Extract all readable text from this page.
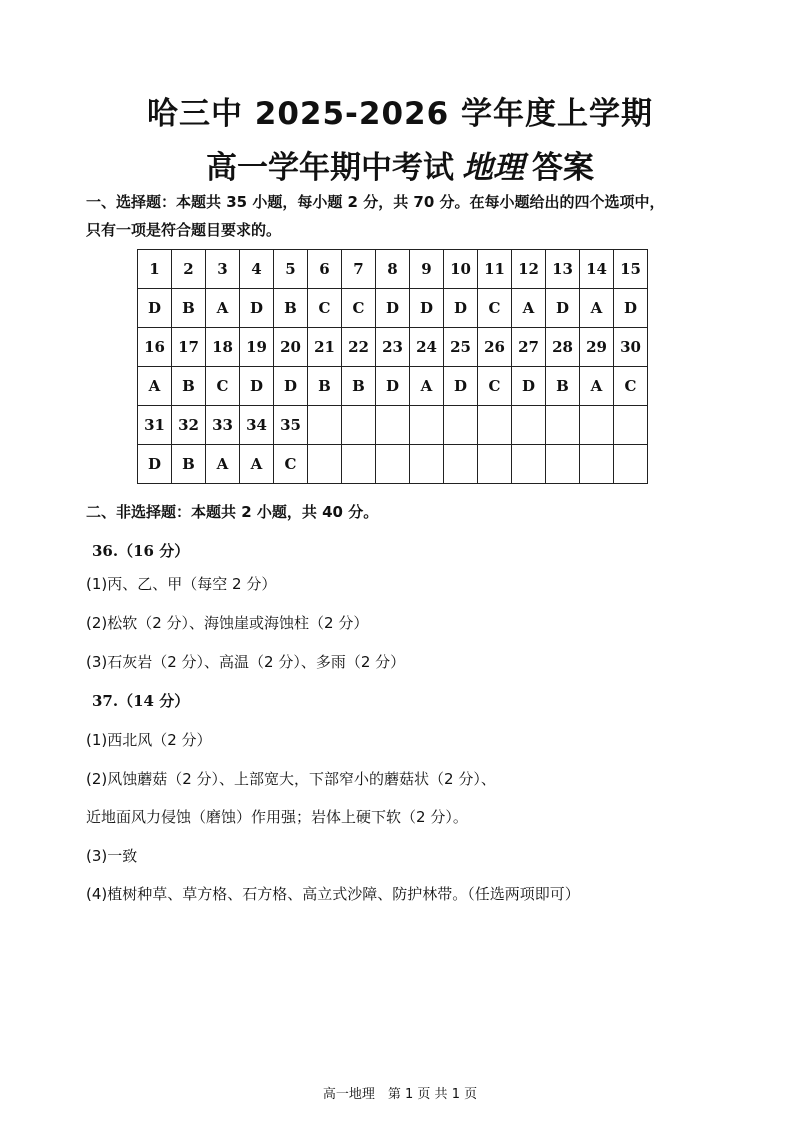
哈三中 2025-2026 学年度上学期
高一学年期中考试 地理 答案
一、选择题：本题共 35 小题，每小题 2 分，共 70 分。在每小题给出的四个选项中，
只有一项是符合题目要求的。
1	2	3	4	5	6	7	8	9	10	11	12	13	14	15
D	B	A	D	B	C	C	D	D	D	C	A	D	A	D
16	17	18	19	20	21	22	23	24	25	26	27	28	29	30
A	B	C	D	D	B	B	D	A	D	C	D	B	A	C
31	32	33	34	35										
D	B	A	A	C										
二、非选择题：本题共 2 小题，共 40 分。
36.（16 分）
(1)丙、乙、甲（每空 2 分）
(2)松软（2 分）、海蚀崖或海蚀柱（2 分）
(3)石灰岩（2 分）、高温（2 分）、多雨（2 分）
37.（14 分）
(1)西北风（2 分）
(2)风蚀蘑菇（2 分）、上部宽大，下部窄小的蘑菇状（2 分）、
近地面风力侵蚀（磨蚀）作用强；岩体上硬下软（2 分）。
(3)一致
(4)植树种草、草方格、石方格、高立式沙障、防护林带。（任选两项即可）
高一地理　第 1 页 共 1 页
